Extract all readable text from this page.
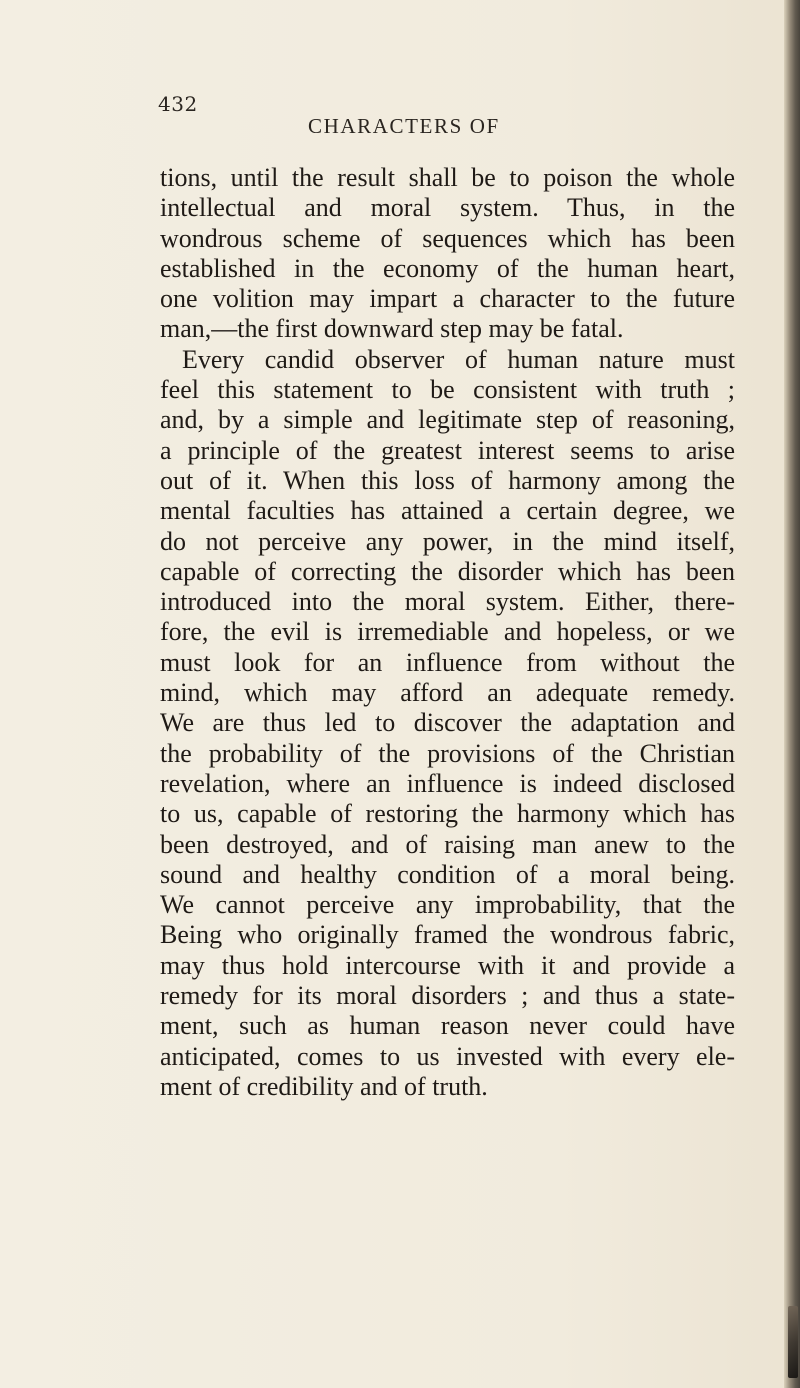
432
CHARACTERS OF
tions, until the result shall be to poison the whole
intellectual and moral system. Thus, in the
wondrous scheme of sequences which has been
established in the economy of the human heart,
one volition may impart a character to the future
man,—the first downward step may be fatal.
Every candid observer of human nature must
feel this statement to be consistent with truth ;
and, by a simple and legitimate step of reasoning,
a principle of the greatest interest seems to arise
out of it. When this loss of harmony among the
mental faculties has attained a certain degree, we
do not perceive any power, in the mind itself,
capable of correcting the disorder which has been
introduced into the moral system. Either, there-
fore, the evil is irremediable and hopeless, or we
must look for an influence from without the
mind, which may afford an adequate remedy.
We are thus led to discover the adaptation and
the probability of the provisions of the Christian
revelation, where an influence is indeed disclosed
to us, capable of restoring the harmony which has
been destroyed, and of raising man anew to the
sound and healthy condition of a moral being.
We cannot perceive any improbability, that the
Being who originally framed the wondrous fabric,
may thus hold intercourse with it and provide a
remedy for its moral disorders ; and thus a state-
ment, such as human reason never could have
anticipated, comes to us invested with every ele-
ment of credibility and of truth.
